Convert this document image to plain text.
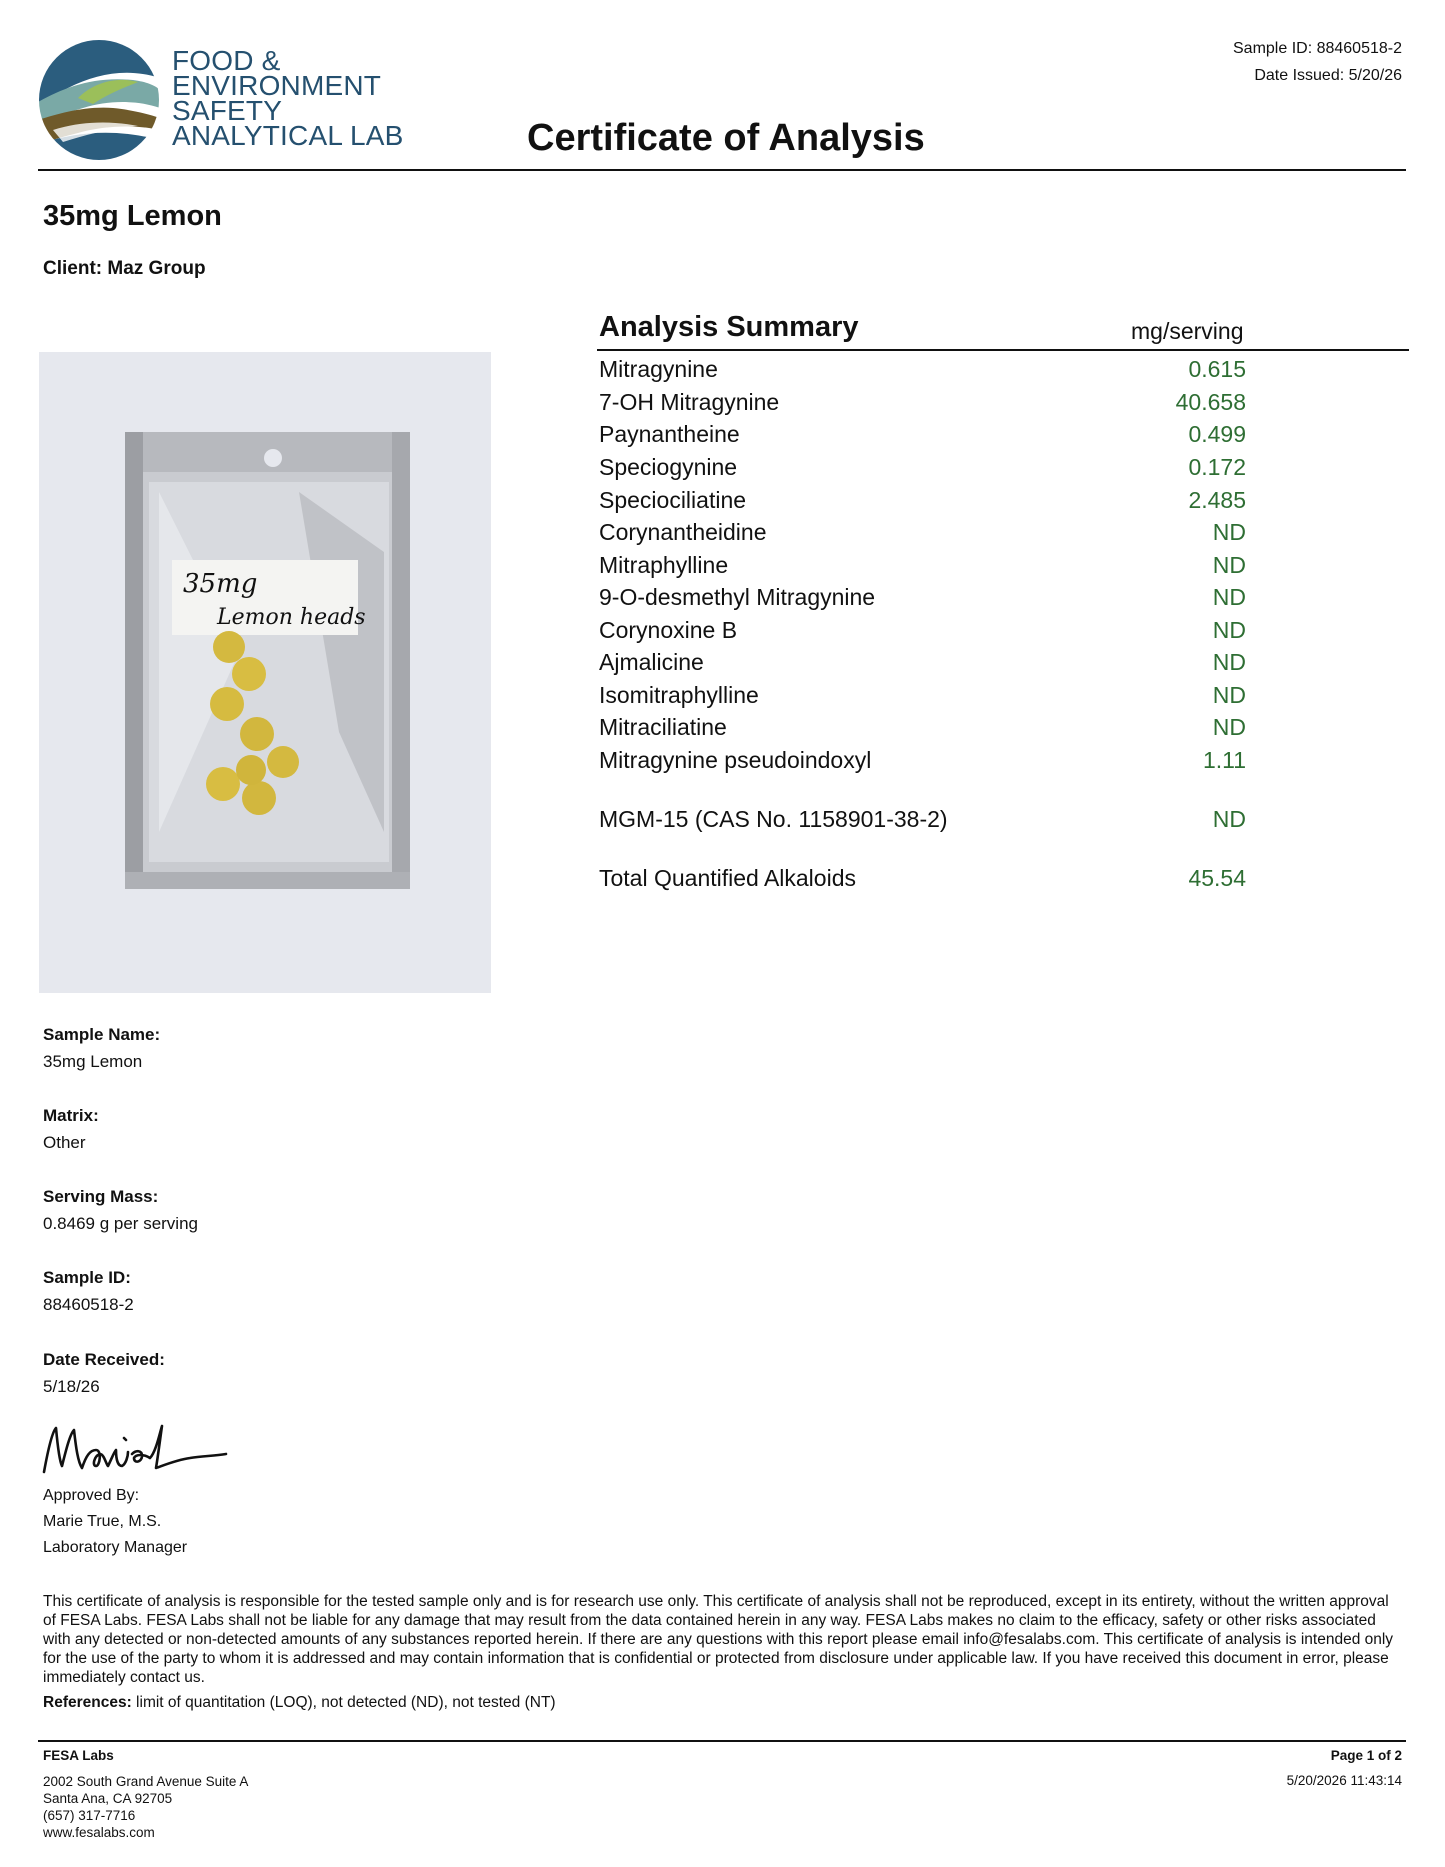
FOOD &
ENVIRONMENT
SAFETY
ANALYTICAL LAB
Sample ID: 88460518-2
Date Issued: 5/20/26
Certificate of Analysis
35mg Lemon
Client: Maz Group
35mg
Lemon heads
Analysis Summary	mg/serving
Mitragynine	0.615
7-OH Mitragynine	40.658
Paynantheine	0.499
Speciogynine	0.172
Speciociliatine	2.485
Corynantheidine	ND
Mitraphylline	ND
9-O-desmethyl Mitragynine	ND
Corynoxine B	ND
Ajmalicine	ND
Isomitraphylline	ND
Mitraciliatine	ND
Mitragynine pseudoindoxyl	1.11
MGM-15 (CAS No. 1158901-38-2)	ND
Total Quantified Alkaloids	45.54
Sample Name:
35mg Lemon
Matrix:
Other
Serving Mass:
0.8469 g per serving
Sample ID:
88460518-2
Date Received:
5/18/26
Approved By:
Marie True, M.S.
Laboratory Manager
This certificate of analysis is responsible for the tested sample only and is for research use only. This certificate of analysis shall not be reproduced, except in its entirety, without the written approval of FESA Labs. FESA Labs shall not be liable for any damage that may result from the data contained herein in any way. FESA Labs makes no claim to the efficacy, safety or other risks associated with any detected or non-detected amounts of any substances reported herein. If there are any questions with this report please email info@fesalabs.com. This certificate of analysis is intended only for the use of the party to whom it is addressed and may contain information that is confidential or protected from disclosure under applicable law. If you have received this document in error, please immediately contact us.
References: limit of quantitation (LOQ), not detected (ND), not tested (NT)
FESA Labs
2002 South Grand Avenue Suite A
Santa Ana, CA 92705
(657) 317-7716
www.fesalabs.com
Page 1 of 2
5/20/2026 11:43:14
